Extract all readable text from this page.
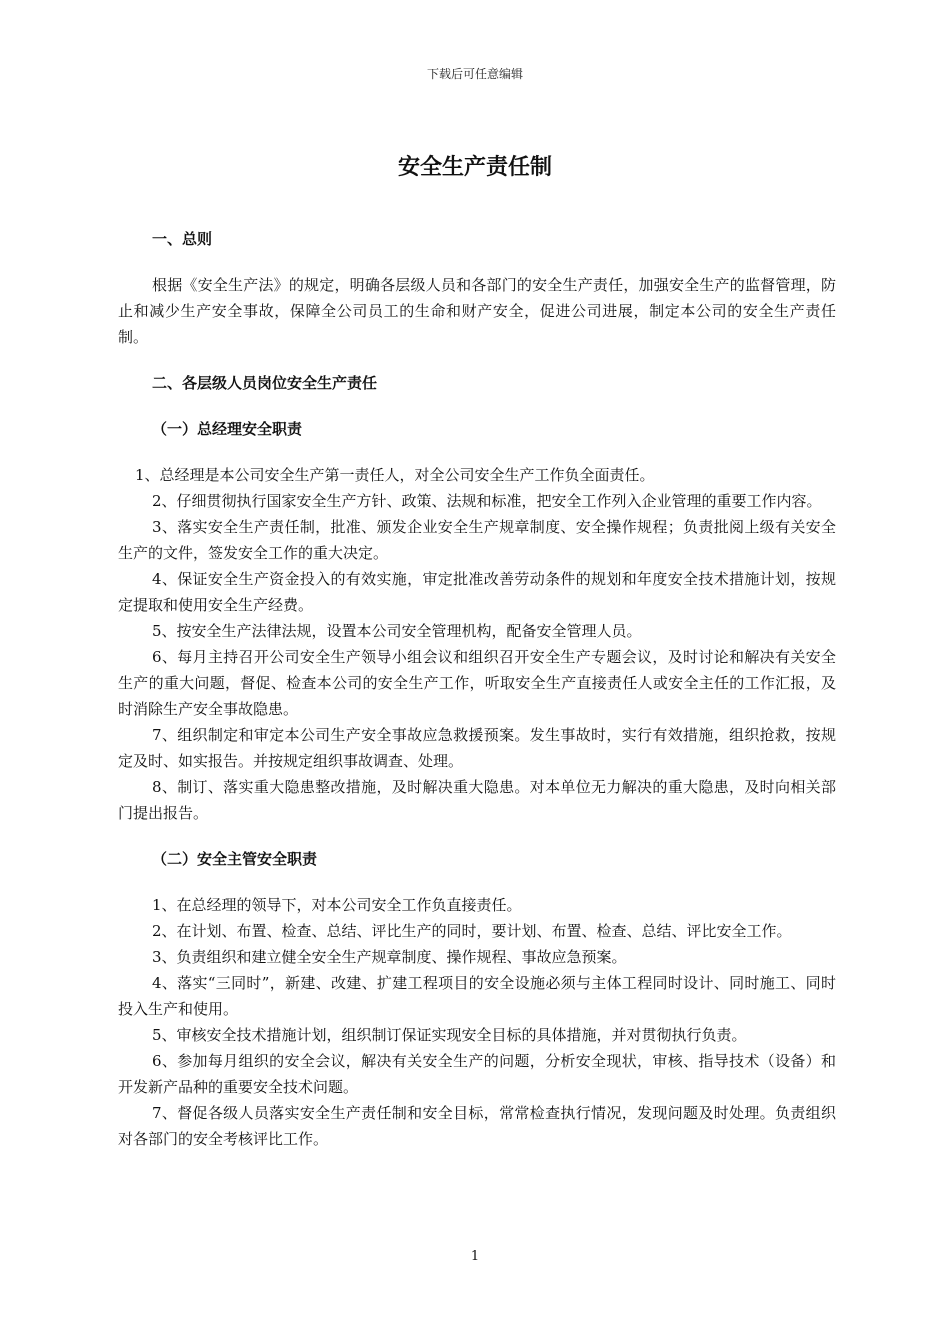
下载后可任意编辑
安全生产责任制

一、总则

根据《安全生产法》的规定，明确各层级人员和各部门的安全生产责任，加强安全生产的监督管理，防止和减少生产安全事故，保障全公司员工的生命和财产安全，促进公司进展，制定本公司的安全生产责任制。

二、各层级人员岗位安全生产责任

（一）总经理安全职责

1、总经理是本公司安全生产第一责任人，对全公司安全生产工作负全面责任。

2、仔细贯彻执行国家安全生产方针、政策、法规和标准，把安全工作列入企业管理的重要工作内容。

3、落实安全生产责任制，批准、颁发企业安全生产规章制度、安全操作规程；负责批阅上级有关安全生产的文件，签发安全工作的重大决定。

4、保证安全生产资金投入的有效实施，审定批准改善劳动条件的规划和年度安全技术措施计划，按规定提取和使用安全生产经费。

5、按安全生产法律法规，设置本公司安全管理机构，配备安全管理人员。

6、每月主持召开公司安全生产领导小组会议和组织召开安全生产专题会议，及时讨论和解决有关安全生产的重大问题，督促、检查本公司的安全生产工作，听取安全生产直接责任人或安全主任的工作汇报，及时消除生产安全事故隐患。

7、组织制定和审定本公司生产安全事故应急救援预案。发生事故时，实行有效措施，组织抢救，按规定及时、如实报告。并按规定组织事故调查、处理。

8、制订、落实重大隐患整改措施，及时解决重大隐患。对本单位无力解决的重大隐患，及时向相关部门提出报告。

（二）安全主管安全职责

1、在总经理的领导下，对本公司安全工作负直接责任。

2、在计划、布置、检查、总结、评比生产的同时，要计划、布置、检查、总结、评比安全工作。

3、负责组织和建立健全安全生产规章制度、操作规程、事故应急预案。

4、落实“三同时”，新建、改建、扩建工程项目的安全设施必须与主体工程同时设计、同时施工、同时投入生产和使用。

5、审核安全技术措施计划，组织制订保证实现安全目标的具体措施，并对贯彻执行负责。

6、参加每月组织的安全会议，解决有关安全生产的问题，分析安全现状，审核、指导技术（设备）和开发新产品种的重要安全技术问题。

7、督促各级人员落实安全生产责任制和安全目标，常常检查执行情况，发现问题及时处理。负责组织对各部门的安全考核评比工作。

1
